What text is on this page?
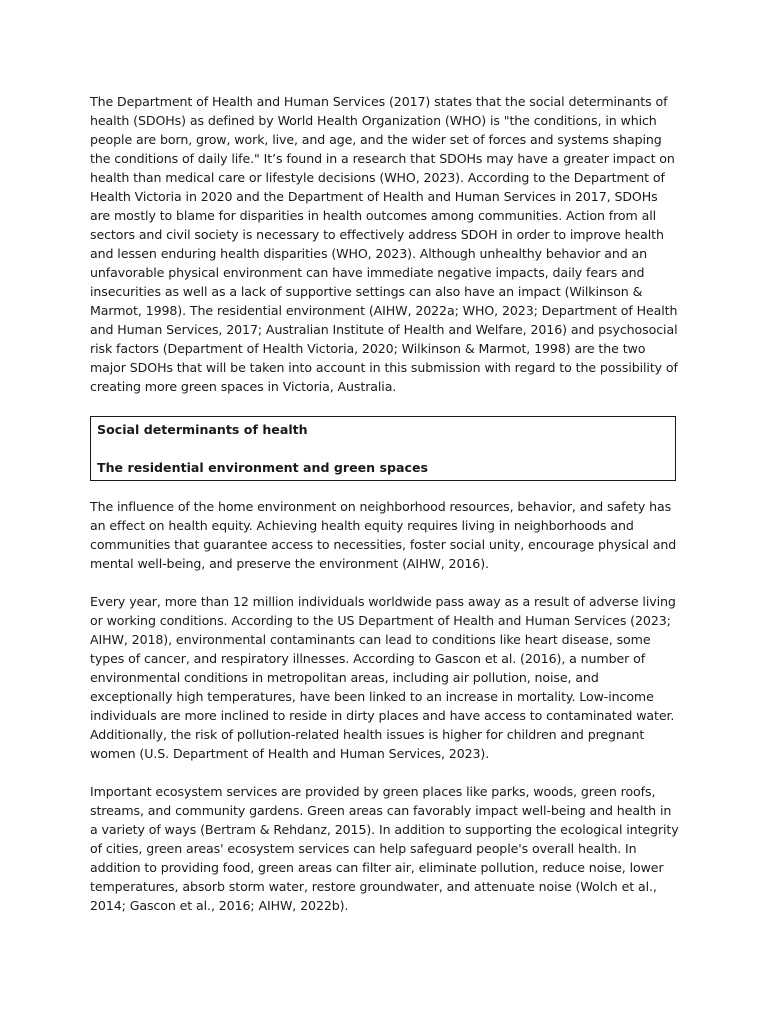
The Department of Health and Human Services (2017) states that the social determinants of health (SDOHs) as defined by World Health Organization (WHO) is "the conditions, in which people are born, grow, work, live, and age, and the wider set of forces and systems shaping the conditions of daily life." It’s found in a research that SDOHs may have a greater impact on health than medical care or lifestyle decisions (WHO, 2023). According to the Department of Health Victoria in 2020 and the Department of Health and Human Services in 2017, SDOHs are mostly to blame for disparities in health outcomes among communities. Action from all sectors and civil society is necessary to effectively address SDOH in order to improve health and lessen enduring health disparities (WHO, 2023). Although unhealthy behavior and an unfavorable physical environment can have immediate negative impacts, daily fears and insecurities as well as a lack of supportive settings can also have an impact (Wilkinson & Marmot, 1998). The residential environment (AIHW, 2022a; WHO, 2023; Department of Health and Human Services, 2017; Australian Institute of Health and Welfare, 2016) and psychosocial risk factors (Department of Health Victoria, 2020; Wilkinson & Marmot, 1998) are the two major SDOHs that will be taken into account in this submission with regard to the possibility of creating more green spaces in Victoria, Australia.

Social determinants of health
The residential environment and green spaces

The influence of the home environment on neighborhood resources, behavior, and safety has an effect on health equity. Achieving health equity requires living in neighborhoods and communities that guarantee access to necessities, foster social unity, encourage physical and mental well-being, and preserve the environment (AIHW, 2016).

Every year, more than 12 million individuals worldwide pass away as a result of adverse living or working conditions. According to the US Department of Health and Human Services (2023; AIHW, 2018), environmental contaminants can lead to conditions like heart disease, some types of cancer, and respiratory illnesses. According to Gascon et al. (2016), a number of environmental conditions in metropolitan areas, including air pollution, noise, and exceptionally high temperatures, have been linked to an increase in mortality. Low-income individuals are more inclined to reside in dirty places and have access to contaminated water. Additionally, the risk of pollution-related health issues is higher for children and pregnant women (U.S. Department of Health and Human Services, 2023).

Important ecosystem services are provided by green places like parks, woods, green roofs, streams, and community gardens. Green areas can favorably impact well-being and health in a variety of ways (Bertram & Rehdanz, 2015). In addition to supporting the ecological integrity of cities, green areas' ecosystem services can help safeguard people's overall health. In addition to providing food, green areas can filter air, eliminate pollution, reduce noise, lower temperatures, absorb storm water, restore groundwater, and attenuate noise (Wolch et al., 2014; Gascon et al., 2016; AIHW, 2022b).
